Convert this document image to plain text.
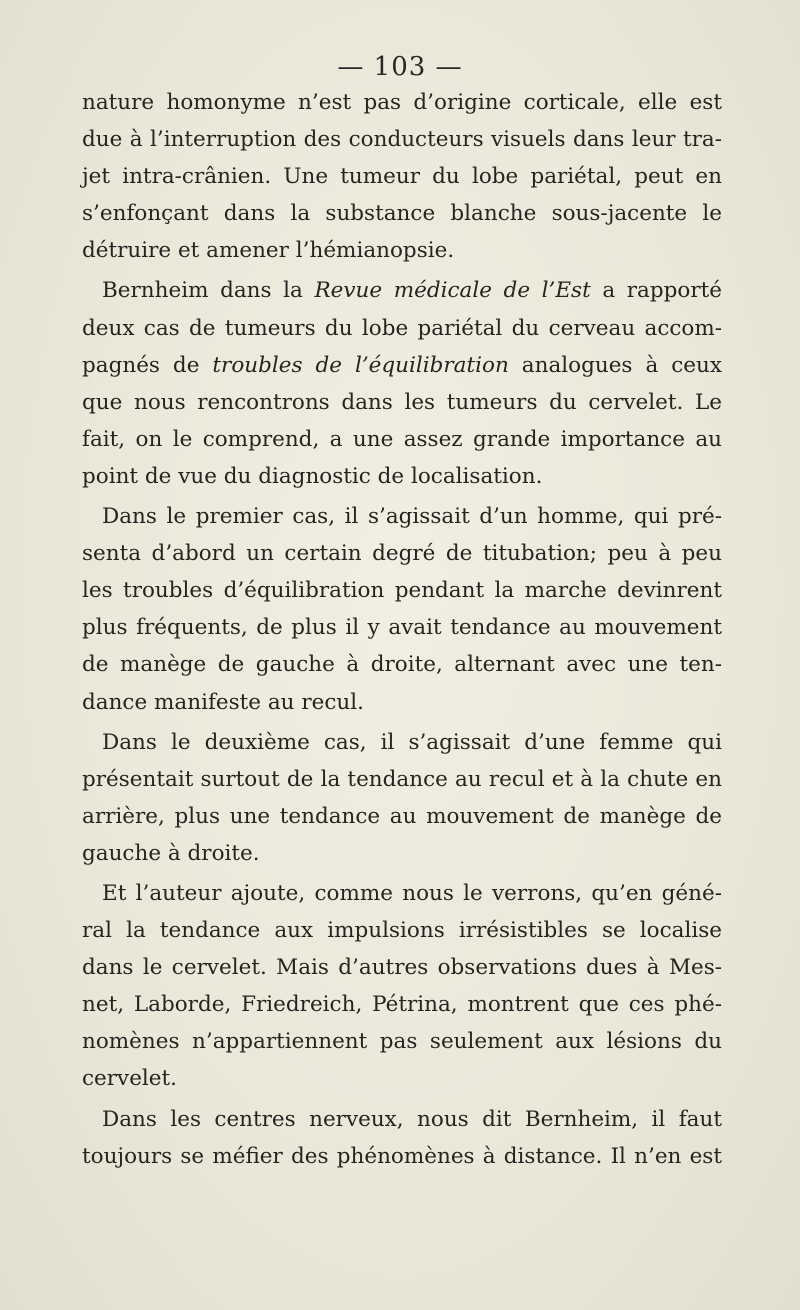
— 103 —
nature homonyme n’est pas d’origine corticale, elle est
due à l’interruption des conducteurs visuels dans leur tra-
jet intra-crânien. Une tumeur du lobe pariétal, peut en
s’enfonçant dans la substance blanche sous-jacente le
détruire et amener l’hémianopsie.
Bernheim dans la Revue médicale de l’Est a rapporté
deux cas de tumeurs du lobe pariétal du cerveau accom-
pagnés de troubles de l’équilibration analogues à ceux
que nous rencontrons dans les tumeurs du cervelet. Le
fait, on le comprend, a une assez grande importance au
point de vue du diagnostic de localisation.
Dans le premier cas, il s’agissait d’un homme, qui pré-
senta d’abord un certain degré de titubation; peu à peu
les troubles d’équilibration pendant la marche devinrent
plus fréquents, de plus il y avait tendance au mouvement
de manège de gauche à droite, alternant avec une ten-
dance manifeste au recul.
Dans le deuxième cas, il s’agissait d’une femme qui
présentait surtout de la tendance au recul et à la chute en
arrière, plus une tendance au mouvement de manège de
gauche à droite.
Et l’auteur ajoute, comme nous le verrons, qu’en géné-
ral la tendance aux impulsions irrésistibles se localise
dans le cervelet. Mais d’autres observations dues à Mes-
net, Laborde, Friedreich, Pétrina, montrent que ces phé-
nomènes n’appartiennent pas seulement aux lésions du
cervelet.
Dans les centres nerveux, nous dit Bernheim, il faut
toujours se méfier des phénomènes à distance. Il n’en est
